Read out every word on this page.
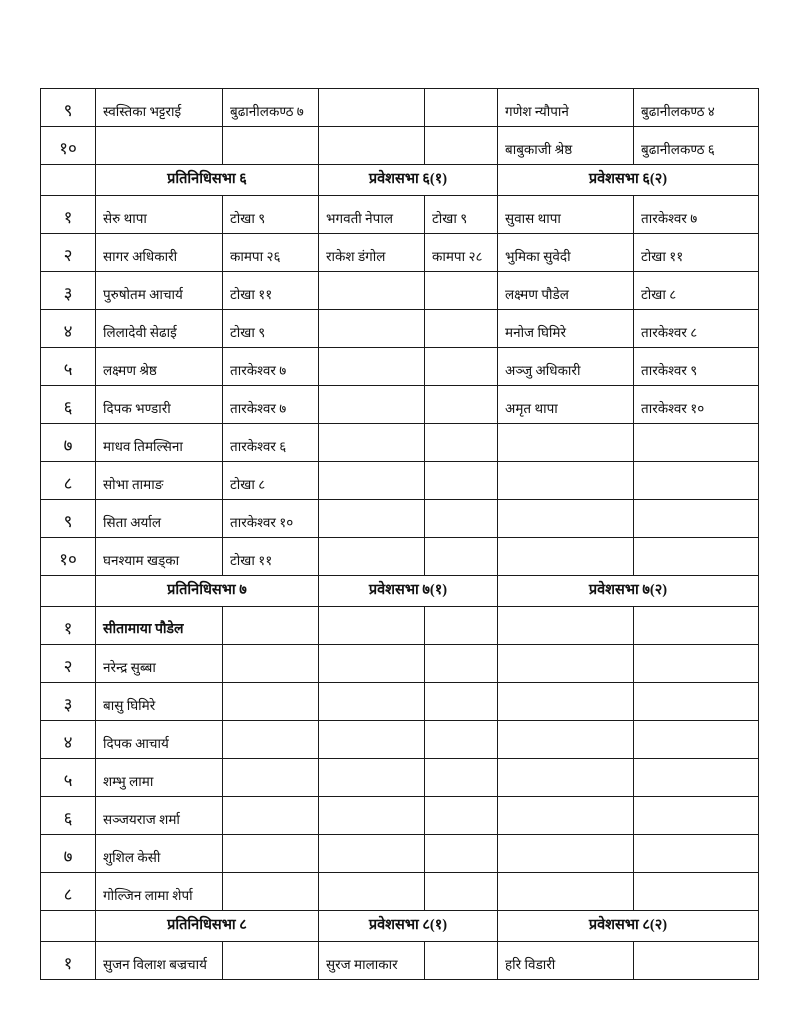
९	स्वस्तिका भट्टराई	बुढानीलकण्ठ ७			गणेश न्यौपाने	बुढानीलकण्ठ ४
१०					बाबुकाजी श्रेष्ठ	बुढानीलकण्ठ ६
	प्रतिनिधिसभा ६		प्रवेशसभा ६(१)		प्रवेशसभा ६(२)	
१	सेरु थापा	टोखा ९	भगवती नेपाल	टोखा ९	सुवास थापा	तारकेश्वर ७
२	सागर अधिकारी	कामपा २६	राकेश डंगोल	कामपा २८	भुमिका सुवेदी	टोखा ११
३	पुरुषोतम आचार्य	टोखा ११			लक्ष्मण पौडेल	टोखा ८
४	लिलादेवी सेढाई	टोखा ९			मनोज घिमिरे	तारकेश्वर ८
५	लक्ष्मण श्रेष्ठ	तारकेश्वर ७			अञ्जु अधिकारी	तारकेश्वर ९
६	दिपक भण्डारी	तारकेश्वर ७			अमृत थापा	तारकेश्वर १०
७	माधव तिमल्सिना	तारकेश्वर ६				
८	सोभा तामाङ	टोखा ८				
९	सिता अर्याल	तारकेश्वर १०				
१०	घनश्याम खड्का	टोखा ११				
	प्रतिनिधिसभा ७		प्रवेशसभा ७(१)		प्रवेशसभा ७(२)	
१	सीतामाया पौडेल					
२	नरेन्द्र सुब्बा					
३	बासु घिमिरे					
४	दिपक आचार्य					
५	शम्भु लामा					
६	सञ्जयराज शर्मा					
७	शुशिल केसी					
८	गोल्जिन लामा शेर्पा					
	प्रतिनिधिसभा ८		प्रवेशसभा ८(१)		प्रवेशसभा ८(२)	
१	सुजन विलाश बज्रचार्य		सुरज मालाकार		हरि विडारी	
